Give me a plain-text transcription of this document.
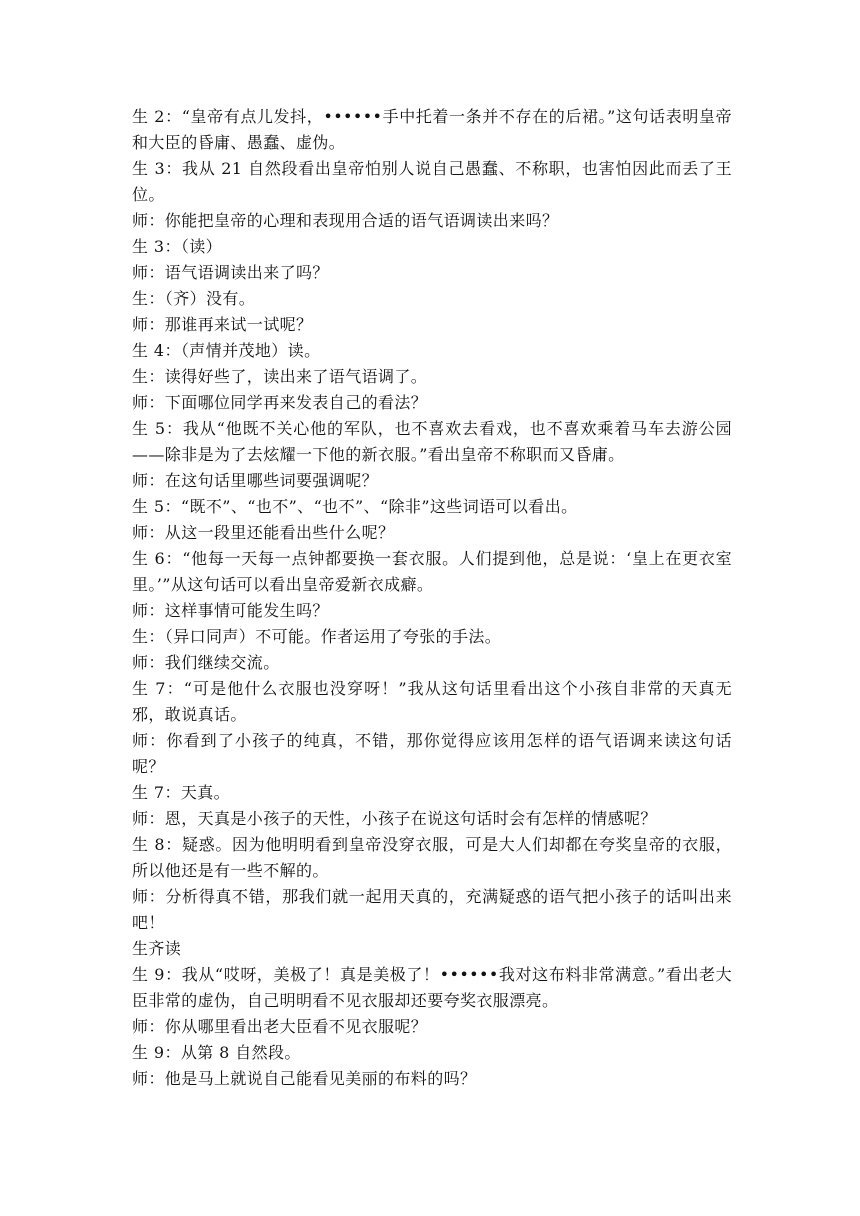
生 2：“皇帝有点儿发抖，••••••手中托着一条并不存在的后裙。”这句话表明皇帝和大臣的昏庸、愚蠢、虚伪。

生 3：我从 21 自然段看出皇帝怕别人说自己愚蠢、不称职，也害怕因此而丢了王位。

师：你能把皇帝的心理和表现用合适的语气语调读出来吗？

生 3：（读）

师：语气语调读出来了吗？

生：（齐）没有。

师：那谁再来试一试呢？

生 4：（声情并茂地）读。

生：读得好些了，读出来了语气语调了。

师：下面哪位同学再来发表自己的看法？

生 5：我从“他既不关心他的军队，也不喜欢去看戏，也不喜欢乘着马车去游公园——除非是为了去炫耀一下他的新衣服。”看出皇帝不称职而又昏庸。

师：在这句话里哪些词要强调呢？

生 5：“既不”、“也不”、“也不”、“除非”这些词语可以看出。

师：从这一段里还能看出些什么呢？

生 6：“他每一天每一点钟都要换一套衣服。人们提到他，总是说：‘皇上在更衣室里。’”从这句话可以看出皇帝爱新衣成癖。

师：这样事情可能发生吗？

生：（异口同声）不可能。作者运用了夸张的手法。

师：我们继续交流。

生 7：“可是他什么衣服也没穿呀！”我从这句话里看出这个小孩自非常的天真无邪，敢说真话。

师：你看到了小孩子的纯真，不错，那你觉得应该用怎样的语气语调来读这句话呢？

生 7：天真。

师：恩，天真是小孩子的天性，小孩子在说这句话时会有怎样的情感呢？

生 8：疑惑。因为他明明看到皇帝没穿衣服，可是大人们却都在夸奖皇帝的衣服，所以他还是有一些不解的。

师：分析得真不错，那我们就一起用天真的，充满疑惑的语气把小孩子的话叫出来吧！

生齐读

生 9：我从“哎呀，美极了！真是美极了！••••••我对这布料非常满意。”看出老大臣非常的虚伪，自己明明看不见衣服却还要夸奖衣服漂亮。

师：你从哪里看出老大臣看不见衣服呢？

生 9：从第 8 自然段。

师：他是马上就说自己能看见美丽的布料的吗？
